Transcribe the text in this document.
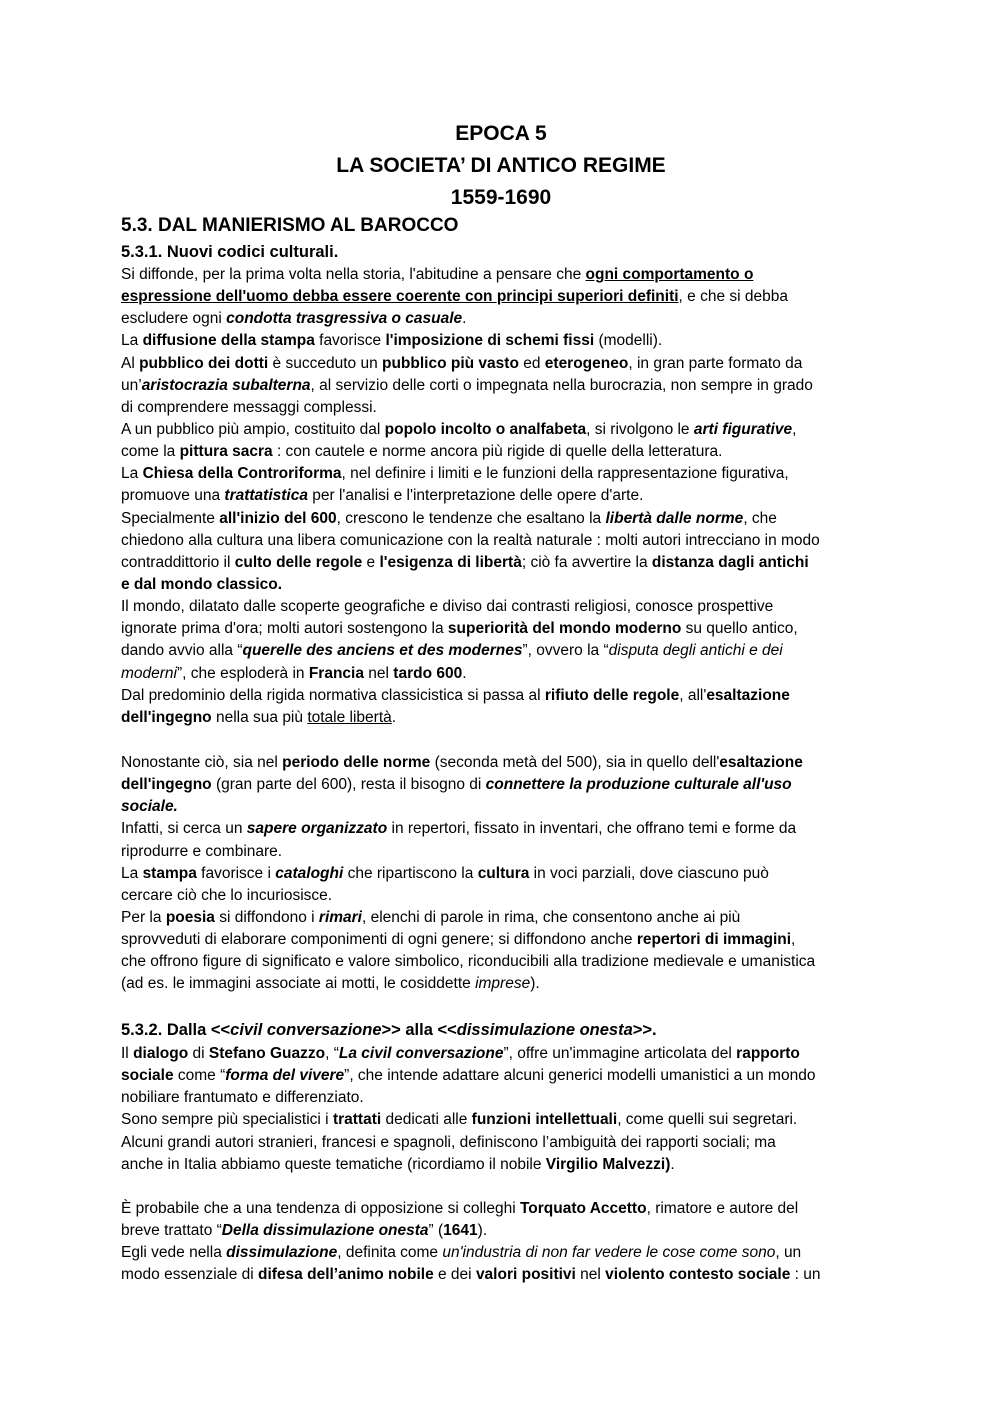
EPOCA 5
LA SOCIETA’ DI ANTICO REGIME
1559-1690
5.3. DAL MANIERISMO AL BAROCCO
5.3.1. Nuovi codici culturali.
Si diffonde, per la prima volta nella storia, l'abitudine a pensare che ogni comportamento o
espressione dell'uomo debba essere coerente con principi superiori definiti, e che si debba
escludere ogni condotta trasgressiva o casuale.
La diffusione della stampa favorisce l'imposizione di schemi fissi (modelli).
Al pubblico dei dotti è succeduto un pubblico più vasto ed eterogeneo, in gran parte formato da
un’aristocrazia subalterna, al servizio delle corti o impegnata nella burocrazia, non sempre in grado
di comprendere messaggi complessi.
A un pubblico più ampio, costituito dal popolo incolto o analfabeta, si rivolgono le arti figurative,
come la pittura sacra : con cautele e norme ancora più rigide di quelle della letteratura.
La Chiesa della Controriforma, nel definire i limiti e le funzioni della rappresentazione figurativa,
promuove una trattatistica per l'analisi e l'interpretazione delle opere d'arte.
Specialmente all'inizio del 600, crescono le tendenze che esaltano la libertà dalle norme, che
chiedono alla cultura una libera comunicazione con la realtà naturale : molti autori intrecciano in modo
contraddittorio il culto delle regole e l'esigenza di libertà; ciò fa avvertire la distanza dagli antichi
e dal mondo classico.
Il mondo, dilatato dalle scoperte geografiche e diviso dai contrasti religiosi, conosce prospettive
ignorate prima d'ora; molti autori sostengono la superiorità del mondo moderno su quello antico,
dando avvio alla “querelle des anciens et des modernes”, ovvero la “disputa degli antichi e dei
moderni”, che esploderà in Francia nel tardo 600.
Dal predominio della rigida normativa classicistica si passa al rifiuto delle regole, all'esaltazione
dell'ingegno nella sua più totale libertà.
Nonostante ciò, sia nel periodo delle norme (seconda metà del 500), sia in quello dell'esaltazione
dell'ingegno (gran parte del 600), resta il bisogno di connettere la produzione culturale all'uso
sociale.
Infatti, si cerca un sapere organizzato in repertori, fissato in inventari, che offrano temi e forme da
riprodurre e combinare.
La stampa favorisce i cataloghi che ripartiscono la cultura in voci parziali, dove ciascuno può
cercare ciò che lo incuriosisce.
Per la poesia si diffondono i rimari, elenchi di parole in rima, che consentono anche ai più
sprovveduti di elaborare componimenti di ogni genere; si diffondono anche repertori di immagini,
che offrono figure di significato e valore simbolico, riconducibili alla tradizione medievale e umanistica
(ad es. le immagini associate ai motti, le cosiddette imprese).
5.3.2. Dalla <<civil conversazione>> alla <<dissimulazione onesta>>.
Il dialogo di Stefano Guazzo, “La civil conversazione”, offre un'immagine articolata del rapporto
sociale come “forma del vivere”, che intende adattare alcuni generici modelli umanistici a un mondo
nobiliare frantumato e differenziato.
Sono sempre più specialistici i trattati dedicati alle funzioni intellettuali, come quelli sui segretari.
Alcuni grandi autori stranieri, francesi e spagnoli, definiscono l’ambiguità dei rapporti sociali; ma
anche in Italia abbiamo queste tematiche (ricordiamo il nobile Virgilio Malvezzi).
È probabile che a una tendenza di opposizione si colleghi Torquato Accetto, rimatore e autore del
breve trattato “Della dissimulazione onesta” (1641).
Egli vede nella dissimulazione, definita come un'industria di non far vedere le cose come sono, un
modo essenziale di difesa dell’animo nobile e dei valori positivi nel violento contesto sociale : un
